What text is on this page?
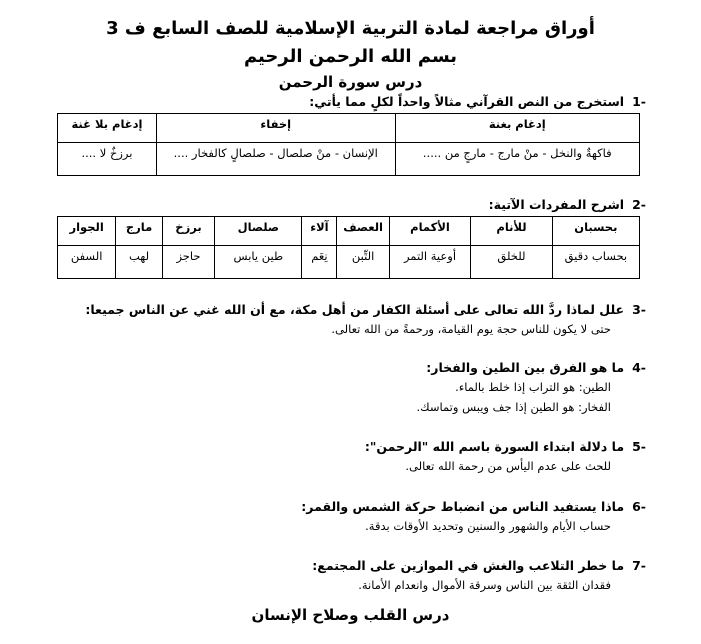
أوراق مراجعة لمادة التربية الإسلامية للصف السابع ف 3
بسم الله الرحمن الرحيم
درس سورة الرحمن
-1استخرج من النص القرآني مثالاً واحداً لكلٍ مما يأتي:
إدغام بغنة	إخفاء	إدغام بلا غنة
فاكهةٌ والنخل - منْ مارج - مارجٍ من .....	الإنسان - منْ صلصال - صلصالٍ كالفخار ....	برزخٌ لا ....
-2اشرح المفردات الآتية:
بحسبان	للأنام	الأكمام	العصف	آلاء	صلصال	برزخ	مارج	الجوار
بحساب دقيق	للخلق	أوعية التمر	التِّبن	نِعَم	طين يابس	حاجز	لهب	السفن
-3علل لماذا ردَّ الله تعالى على أسئلة الكفار من أهل مكة، مع أن الله غني عن الناس جميعا:
حتى لا يكون للناس حجة يوم القيامة، ورحمةً من الله تعالى.
-4ما هو الفرق بين الطين والفخار:
الطين: هو التراب إذا خلط بالماء.
الفخار: هو الطين إذا جف ويبس وتماسك.
-5ما دلالة ابتداء السورة باسم الله "الرحمن":
للحث على عدم اليأس من رحمة الله تعالى.
-6ماذا يستفيد الناس من انضباط حركة الشمس والقمر:
حساب الأيام والشهور والسنين وتحديد الأوقات بدقة.
-7ما خطر التلاعب والغش في الموازين على المجتمع:
فقدان الثقة بين الناس وسرقة الأموال وانعدام الأمانة.
درس القلب وصلاح الإنسان
